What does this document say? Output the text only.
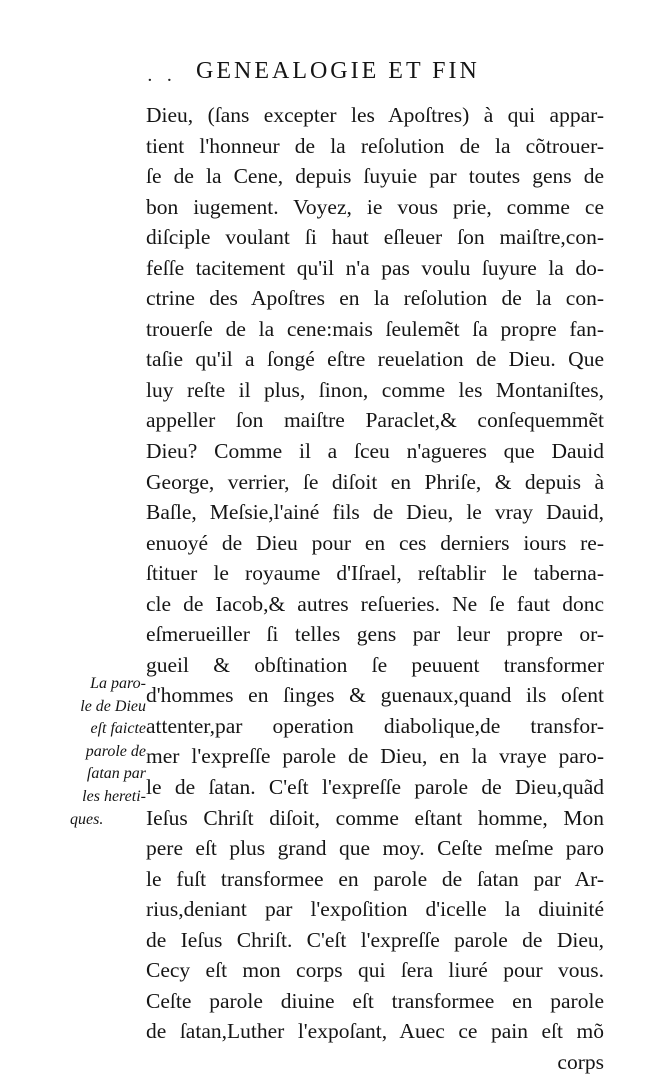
· · GENEALOGIE ET FIN
Dieu, (ſans excepter les Apoſtres) à qui appar-
tient l'honneur de la reſolution de la cõtrouer-
ſe de la Cene, depuis ſuyuie par toutes gens de
bon iugement. Voyez, ie vous prie, comme ce
diſciple voulant ſi haut eſleuer ſon maiſtre,con-
feſſe tacitement qu'il n'a pas voulu ſuyure la do-
ctrine des Apoſtres en la reſolution de la con-
trouerſe de la cene:mais ſeulemẽt ſa propre fan-
taſie qu'il a ſongé eſtre reuelation de Dieu. Que
luy reſte il plus, ſinon, comme les Montaniſtes,
appeller ſon maiſtre Paraclet,& conſequemmẽt
Dieu? Comme il a ſceu n'agueres que Dauid
George, verrier, ſe diſoit en Phriſe, & depuis à
Baſle, Meſsie,l'ainé fils de Dieu, le vray Dauid,
enuoyé de Dieu pour en ces derniers iours re-
ſtituer le royaume d'Iſrael, reſtablir le taberna-
cle de Iacob,& autres reſueries. Ne ſe faut donc
eſmerueiller ſi telles gens par leur propre or-
gueil & obſtination ſe peuuent transformer
d'hommes en ſinges & guenaux,quand ils oſent
attenter,par operation diabolique,de transfor-
mer l'expreſſe parole de Dieu, en la vraye paro-
le de ſatan. C'eſt l'expreſſe parole de Dieu,quãd
Ieſus Chriſt diſoit, comme eſtant homme, Mon
pere eſt plus grand que moy. Ceſte meſme paro
le fuſt transformee en parole de ſatan par Ar-
rius,deniant par l'expoſition d'icelle la diuinité
de Ieſus Chriſt. C'eſt l'expreſſe parole de Dieu,
Cecy eſt mon corps qui ſera liuré pour vous.
Ceſte parole diuine eſt transformee en parole
de ſatan,Luther l'expoſant, Auec ce pain eſt mõ
corps
La paro-
le de Dieu
eſt faicte
parole de
ſatan par
les hereti-
ques.
